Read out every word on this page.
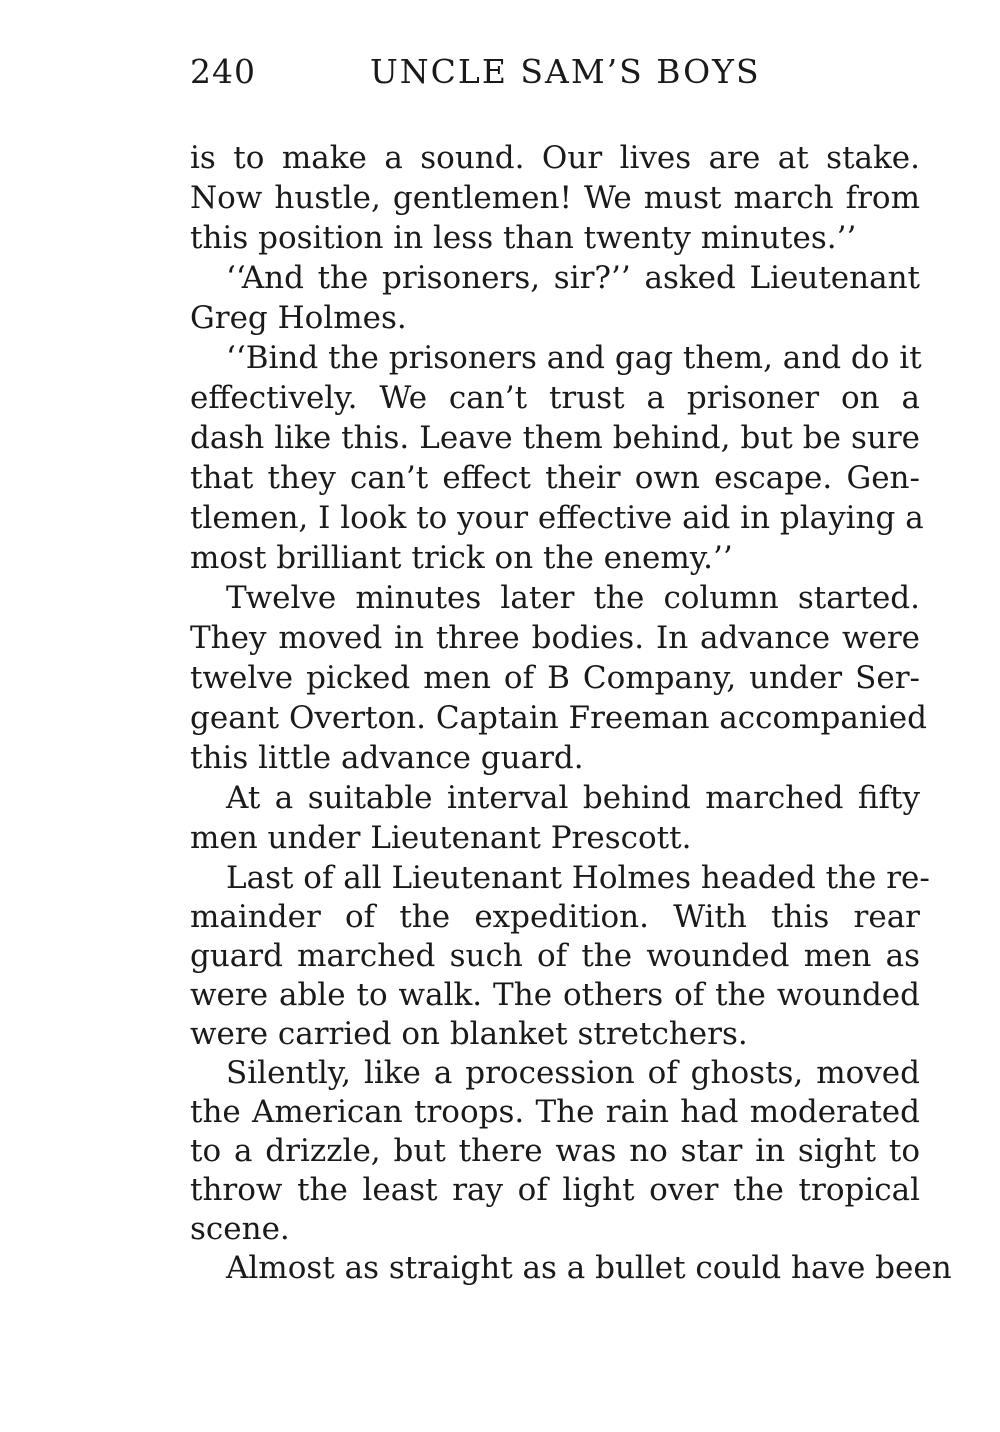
240	UNCLE SAM’S BOYS
is to make a sound. Our lives are at stake.
Now hustle, gentlemen! We must march from
this position in less than twenty minutes.’’
‘‘And the prisoners, sir?’’ asked Lieutenant
Greg Holmes.
‘‘Bind the prisoners and gag them, and do it
effectively. We can’t trust a prisoner on a
dash like this. Leave them behind, but be sure
that they can’t effect their own escape. Gen-
tlemen, I look to your effective aid in playing a
most brilliant trick on the enemy.’’
Twelve minutes later the column started.
They moved in three bodies. In advance were
twelve picked men of B Company, under Ser-
geant Overton. Captain Freeman accompanied
this little advance guard.
At a suitable interval behind marched fifty
men under Lieutenant Prescott.
Last of all Lieutenant Holmes headed the re-
mainder of the expedition. With this rear
guard marched such of the wounded men as
were able to walk. The others of the wounded
were carried on blanket stretchers.
Silently, like a procession of ghosts, moved
the American troops. The rain had moderated
to a drizzle, but there was no star in sight to
throw the least ray of light over the tropical
scene.
Almost as straight as a bullet could have been
